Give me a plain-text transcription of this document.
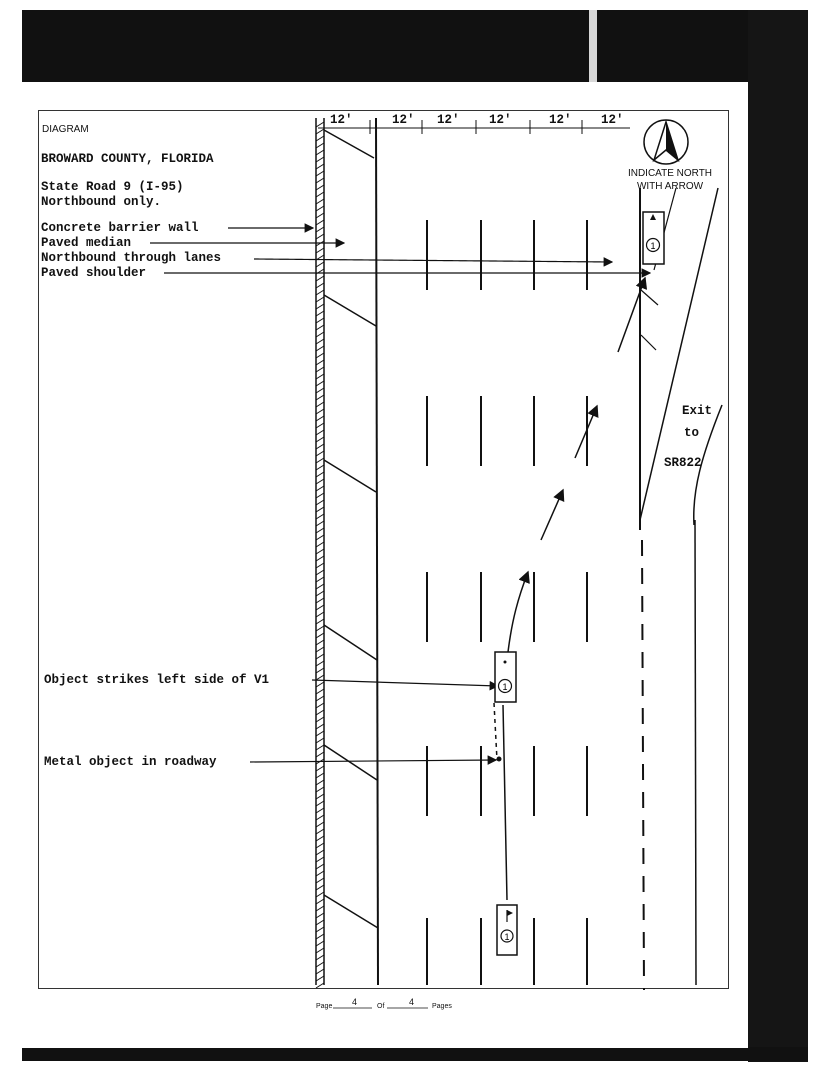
DIAGRAM
BROWARD COUNTY, FLORIDA
State Road 9 (I-95)
Northbound only.
Concrete barrier wall
Paved median
Northbound through lanes
Paved shoulder
Object strikes left side of V1
Metal object in roadway
12'	12' 12' 12'	12' 12'
INDICATE NORTH
WITH ARROW
Exit
to
SR822
1
1
1
Page 4	Of	4	Pages
